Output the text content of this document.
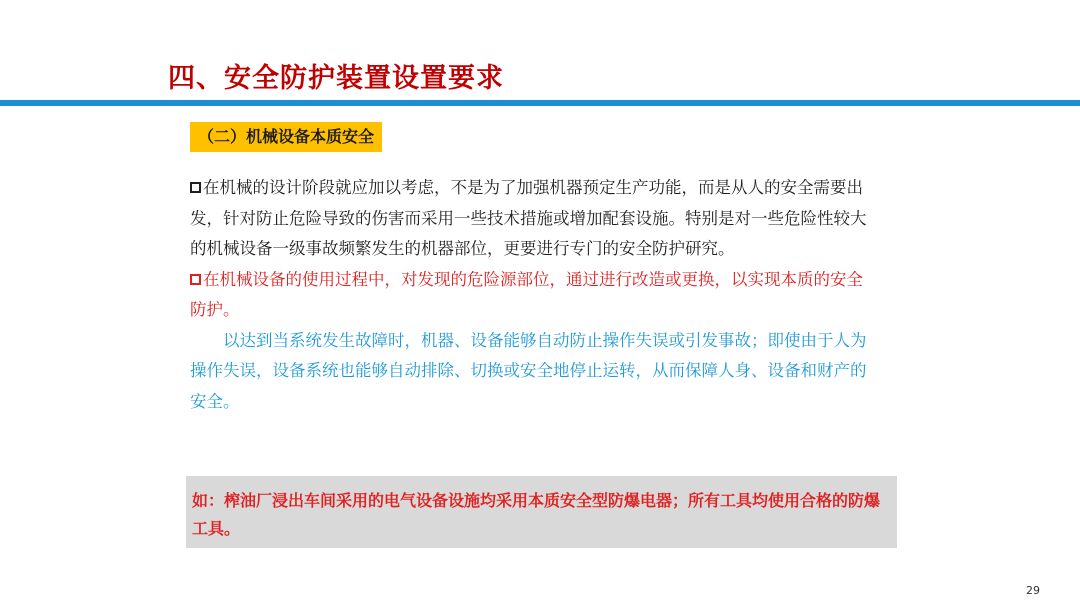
四、安全防护装置设置要求
（二）机械设备本质安全

在机械的设计阶段就应加以考虑，不是为了加强机器预定生产功能，而是从人的安全需要出发，针对防止危险导致的伤害而采用一些技术措施或增加配套设施。特别是对一些危险性较大的机械设备一级事故频繁发生的机器部位，更要进行专门的安全防护研究。

在机械设备的使用过程中，对发现的危险源部位，通过进行改造或更换，以实现本质的安全防护。

以达到当系统发生故障时，机器、设备能够自动防止操作失误或引发事故；即使由于人为操作失误，设备系统也能够自动排除、切换或安全地停止运转，从而保障人身、设备和财产的安全。

如：榨油厂浸出车间采用的电气设备设施均采用本质安全型防爆电器；所有工具均使用合格的防爆工具。
29
